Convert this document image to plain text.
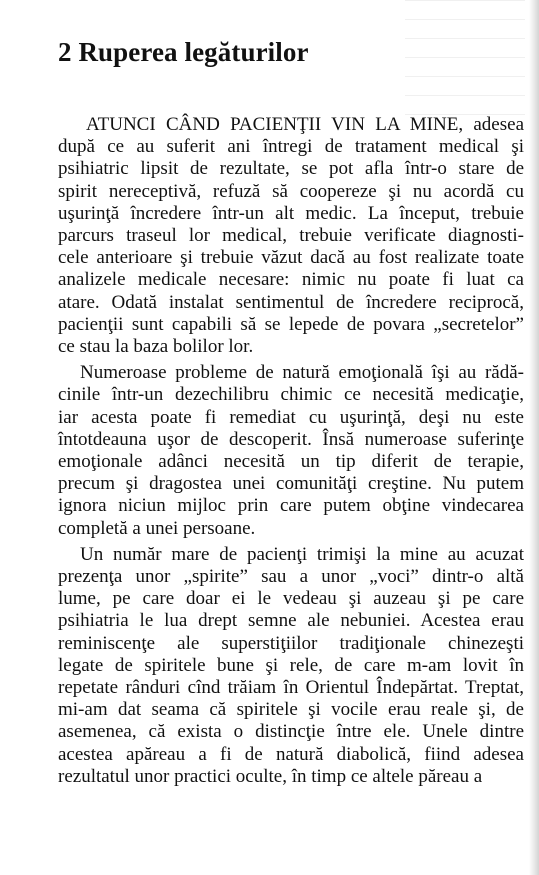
2 Ruperea legăturilor
ATUNCI CÂND PACIENŢII VIN LA MINE, adesea
după ce au suferit ani întregi de tratament medical şi
psihiatric lipsit de rezultate, se pot afla într-o stare de
spirit nereceptivă, refuză să coopereze şi nu acordă cu
uşurinţă încredere într-un alt medic. La început, trebuie
parcurs traseul lor medical, trebuie verificate diagnosti-
cele anterioare şi trebuie văzut dacă au fost realizate toate
analizele medicale necesare: nimic nu poate fi luat ca
atare. Odată instalat sentimentul de încredere reciprocă,
pacienţii sunt capabili să se lepede de povara „secretelor”
ce stau la baza bolilor lor.
Numeroase probleme de natură emoţională îşi au rădă-
cinile într-un dezechilibru chimic ce necesită medicaţie,
iar acesta poate fi remediat cu uşurinţă, deşi nu este
întotdeauna uşor de descoperit. Însă numeroase suferinţe
emoţionale adânci necesită un tip diferit de terapie,
precum şi dragostea unei comunităţi creştine. Nu putem
ignora niciun mijloc prin care putem obţine vindecarea
completă a unei persoane.
Un număr mare de pacienţi trimişi la mine au acuzat
prezenţa unor „spirite” sau a unor „voci” dintr-o altă
lume, pe care doar ei le vedeau şi auzeau şi pe care
psihiatria le lua drept semne ale nebuniei. Acestea erau
reminiscenţe ale superstiţiilor tradiţionale chinezeşti
legate de spiritele bune şi rele, de care m-am lovit în
repetate rânduri cînd trăiam în Orientul Îndepărtat. Treptat,
mi-am dat seama că spiritele şi vocile erau reale şi, de
asemenea, că exista o distincţie între ele. Unele dintre
acestea apăreau a fi de natură diabolică, fiind adesea
rezultatul unor practici oculte, în timp ce altele păreau a
